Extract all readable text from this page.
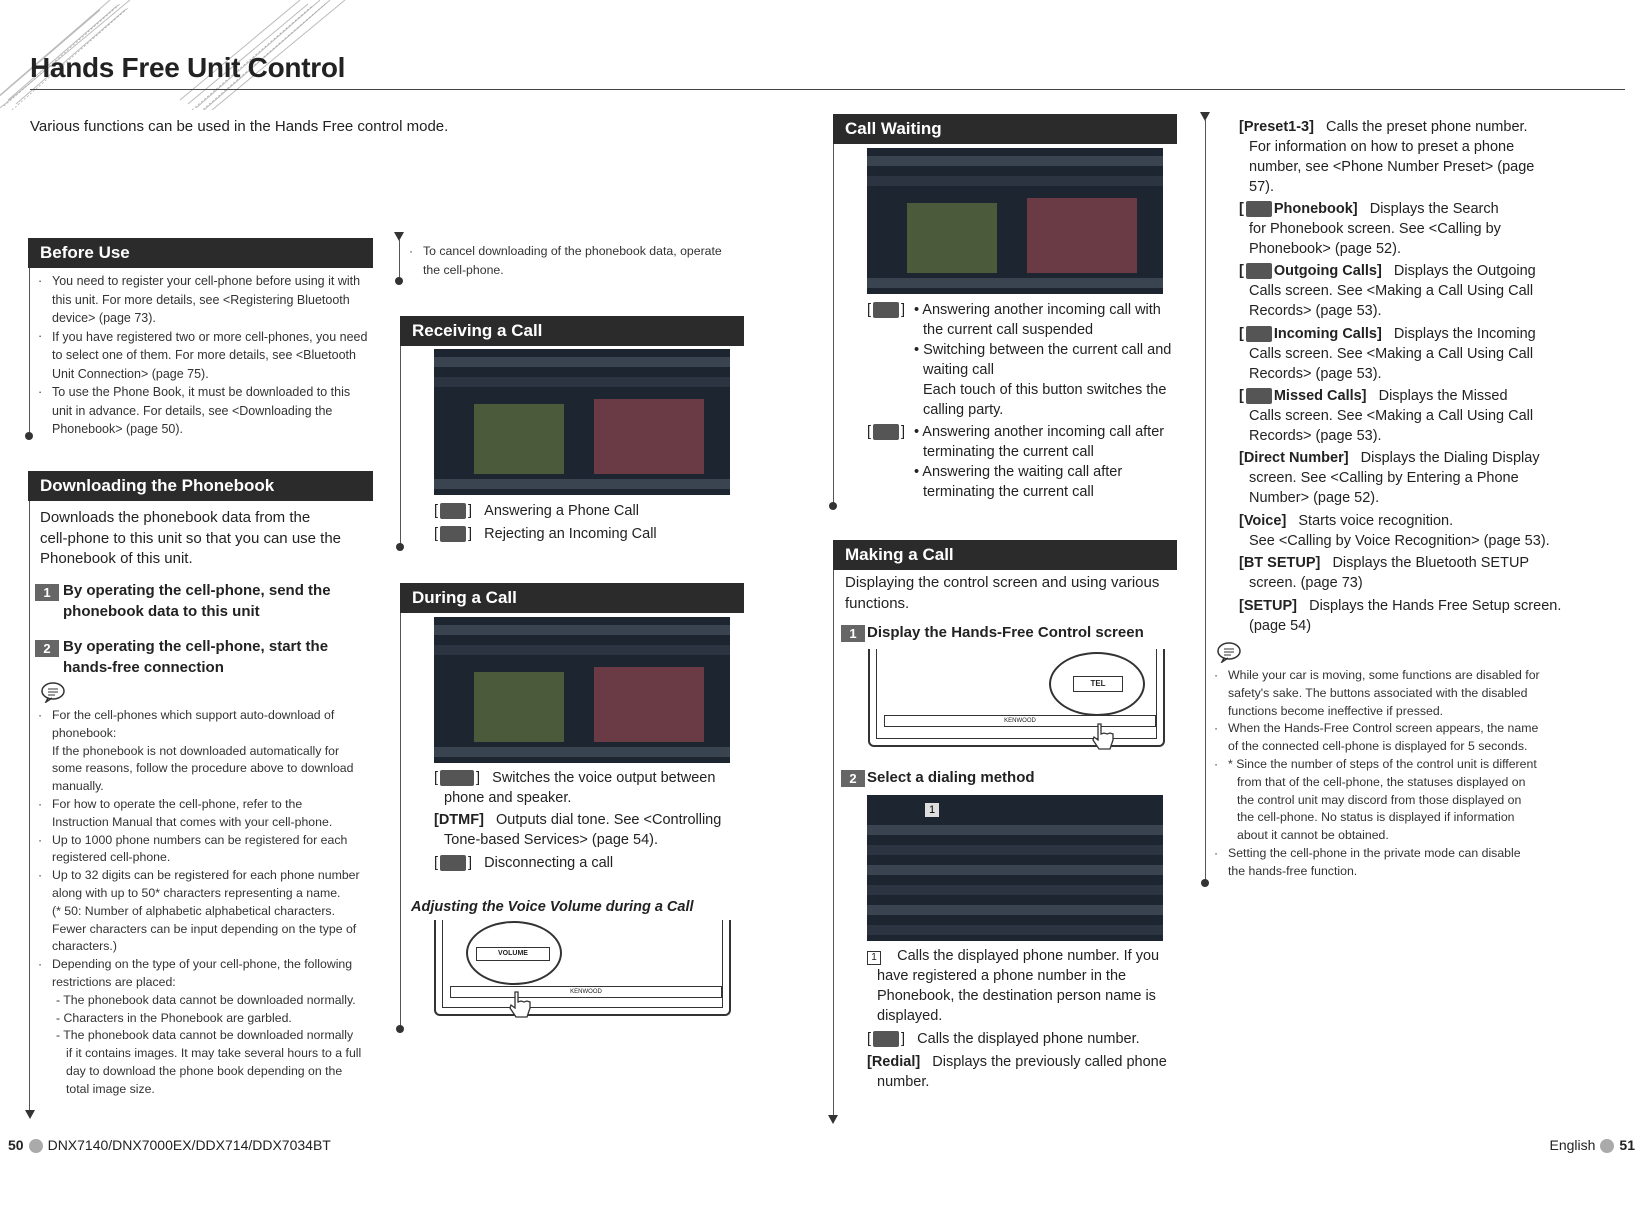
Hands Free Unit Control
Various functions can be used in the Hands Free control mode.
Before Use
· You need to register your cell-phone before using it with
this unit. For more details, see <Registering Bluetooth
device> (page 73).

· If you have registered two or more cell-phones, you need
to select one of them. For more details, see <Bluetooth
Unit Connection> (page 75).

· To use the Phone Book, it must be downloaded to this
unit in advance. For details, see <Downloading the
Phonebook> (page 50).
Downloading the Phonebook
Downloads the phonebook data from the
cell-phone to this unit so that you can use the
Phonebook of this unit.
1 By operating the cell-phone, send the
phonebook data to this unit
2 By operating the cell-phone, start the
hands-free connection
· For the cell-phones which support auto-download of
phonebook:
If the phonebook is not downloaded automatically for
some reasons, follow the procedure above to download
manually.

· For how to operate the cell-phone, refer to the
Instruction Manual that comes with your cell-phone.

· Up to 1000 phone numbers can be registered for each
registered cell-phone.

· Up to 32 digits can be registered for each phone number
along with up to 50* characters representing a name.
(* 50: Number of alphabetic alphabetical characters.
Fewer characters can be input depending on the type of
characters.)

· Depending on the type of your cell-phone, the following
restrictions are placed:
- The phonebook data cannot be downloaded normally.
- Characters in the Phonebook are garbled.
- The phonebook data cannot be downloaded normally
if it contains images. It may take several hours to a full
day to download the phone book depending on the
total image size.
· To cancel downloading of the phonebook data, operate
the cell-phone.
Receiving a Call
[ ]   Answering a Phone Call
[ ]   Rejecting an Incoming Call
During a Call
[	]   Switches the voice output between
phone and speaker.
[DTMF] Outputs dial tone. See <Controlling
Tone-based Services> (page 54).
[ ]   Disconnecting a call
Adjusting the Voice Volume during a Call
KENWOOD
VOLUME
Call Waiting
[ ] • Answering another incoming call with
the current call suspended
• Switching between the current call and
waiting call
Each touch of this button switches the
calling party.
[ ] • Answering another incoming call after
terminating the current call
• Answering the waiting call after
terminating the current call
Making a Call
Displaying the control screen and using various
functions.
1 Display the Hands-Free Control screen
KENWOOD
TEL
2 Select a dialing method
1
1 Calls the displayed phone number. If you
have registered a phone number in the
Phonebook, the destination person name is
displayed.
[ ]   Calls the displayed phone number.
[Redial] Displays the previously called phone
number.
[Preset1-3] Calls the preset phone number.
For information on how to preset a phone
number, see <Phone Number Preset> (page
57).
[ Phonebook] Displays the Search
for Phonebook screen. See <Calling by
Phonebook> (page 52).
[ Outgoing Calls] Displays the Outgoing
Calls screen. See <Making a Call Using Call
Records> (page 53).
[ Incoming Calls] Displays the Incoming
Calls screen. See <Making a Call Using Call
Records> (page 53).
[ Missed Calls] Displays the Missed
Calls screen. See <Making a Call Using Call
Records> (page 53).
[Direct Number] Displays the Dialing Display
screen. See <Calling by Entering a Phone
Number> (page 52).
[Voice] Starts voice recognition.
See <Calling by Voice Recognition> (page 53).
[BT SETUP] Displays the Bluetooth SETUP
screen. (page 73)
[SETUP] Displays the Hands Free Setup screen.
(page 54)
· While your car is moving, some functions are disabled for
safety's sake. The buttons associated with the disabled
functions become ineffective if pressed.

· When the Hands-Free Control screen appears, the name
of the connected cell-phone is displayed for 5 seconds.

· * Since the number of steps of the control unit is different
from that of the cell-phone, the statuses displayed on
the control unit may discord from those displayed on
the cell-phone. No status is displayed if information
about it cannot be obtained.

· Setting the cell-phone in the private mode can disable
the hands-free function.
50 DNX7140/DNX7000EX/DDX714/DDX7034BT	English 51
